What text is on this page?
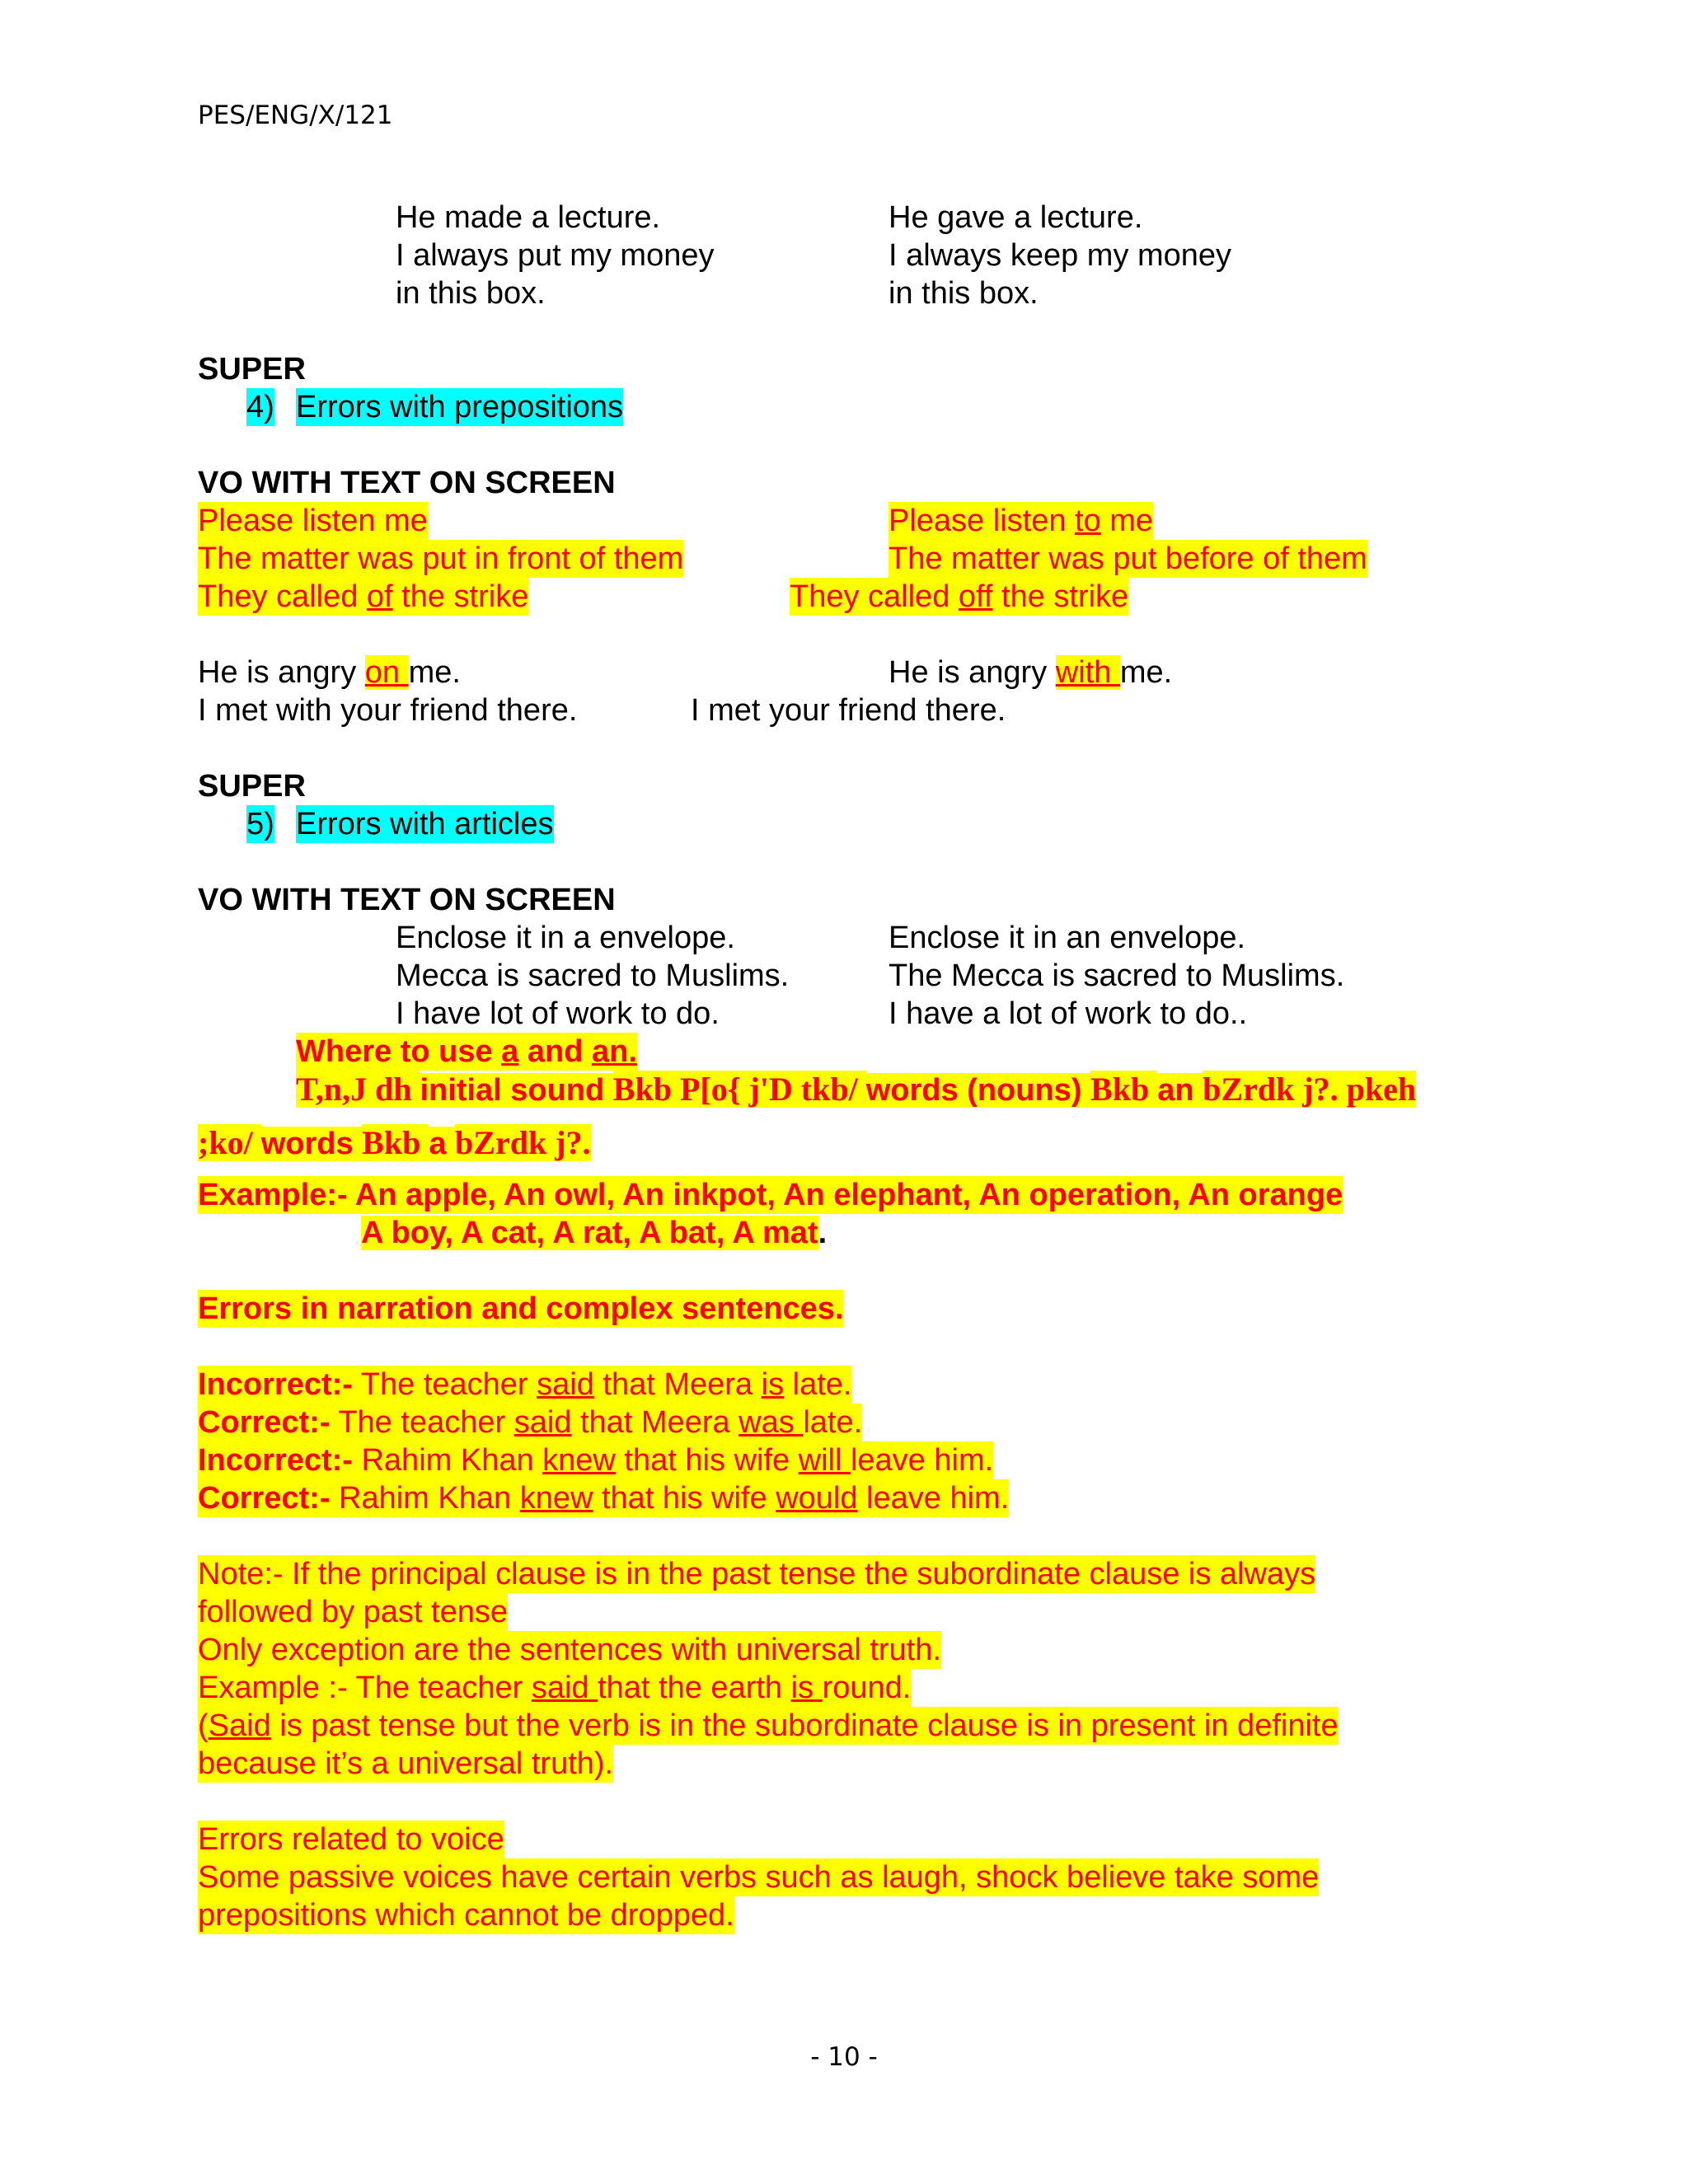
PES/ENG/X/121
He made a lecture.	He gave a lecture.
I always put my money	I always keep my money
in this box.	in this box.
SUPER
4) Errors with prepositions
VO WITH TEXT ON SCREEN
Please listen me	Please listen to me
The matter was put in front of them	The matter was put before of them
They called of the strike	They called off the strike
He is angry on me.	He is angry with me.
I met with your friend there.	I met your friend there.
SUPER
5) Errors with articles
VO WITH TEXT ON SCREEN
Enclose it in a envelope.	Enclose it in an envelope.
Mecca is sacred to Muslims.	The Mecca is sacred to Muslims.
I have lot of work to do.	I have a lot of work to do..
Where to use a and an.
T,n,J dh initial sound Bkb P[o{ j'D tkb/ words (nouns) Bkb an bZrdk j?. pkeh
;ko/ words Bkb a bZrdk j?.
Example:- An apple, An owl, An inkpot, An elephant, An operation, An orange
A boy, A cat, A rat, A bat, A mat.
Errors in narration and complex sentences.
Incorrect:- The teacher said that Meera is late.
Correct:- The teacher said that Meera was late.
Incorrect:- Rahim Khan knew that his wife will leave him.
Correct:- Rahim Khan knew that his wife would leave him.
Note:- If the principal clause is in the past tense the subordinate clause is always
followed by past tense
Only exception are the sentences with universal truth.
Example :- The teacher said that the earth is round.
(Said is past tense but the verb is in the subordinate clause is in present in definite
because it’s a universal truth).
Errors related to voice
Some passive voices have certain verbs such as laugh, shock believe take some
prepositions which cannot be dropped.
- 10 -
